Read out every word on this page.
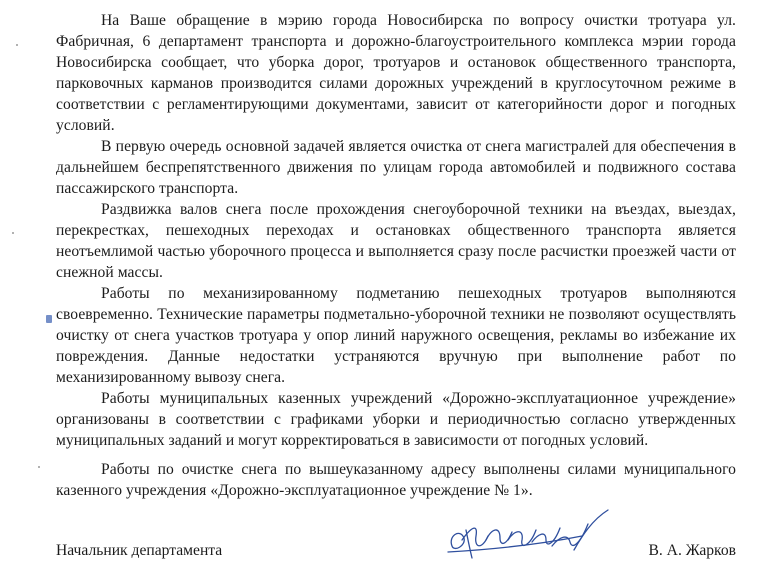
На Ваше обращение в мэрию города Новосибирска по вопросу очистки тротуара ул. Фабричная, 6 департамент транспорта и дорожно-благоустроительного комплекса мэрии города Новосибирска сообщает, что уборка дорог, тротуаров и остановок общественного транспорта, парковочных карманов производится силами дорожных учреждений в круглосуточном режиме в соответствии с регламентирующими документами, зависит от категорийности дорог и погодных условий.

В первую очередь основной задачей является очистка от снега магистралей для обеспечения в дальнейшем беспрепятственного движения по улицам города автомобилей и подвижного состава пассажирского транспорта.

Раздвижка валов снега после прохождения снегоуборочной техники на въездах, выездах, перекрестках, пешеходных переходах и остановках общественного транспорта является неотъемлимой частью уборочного процесса и выполняется сразу после расчистки проезжей части от снежной массы.

Работы по механизированному подметанию пешеходных тротуаров выполняются своевременно. Технические параметры подметально-уборочной техники не позволяют осуществлять очистку от снега участков тротуара у опор линий наружного освещения, рекламы во избежание их повреждения. Данные недостатки устраняются вручную при выполнение работ по механизированному вывозу снега.

Работы муниципальных казенных учреждений «Дорожно-эксплуатационное учреждение» организованы в соответствии с графиками уборки и периодичностью согласно утвержденных муниципальных заданий и могут корректироваться в зависимости от погодных условий.

Работы по очистке снега по вышеуказанному адресу выполнены силами муниципального казенного учреждения «Дорожно-эксплуатационное учреждение № 1».

Начальник департамента	В. А. Жарков
